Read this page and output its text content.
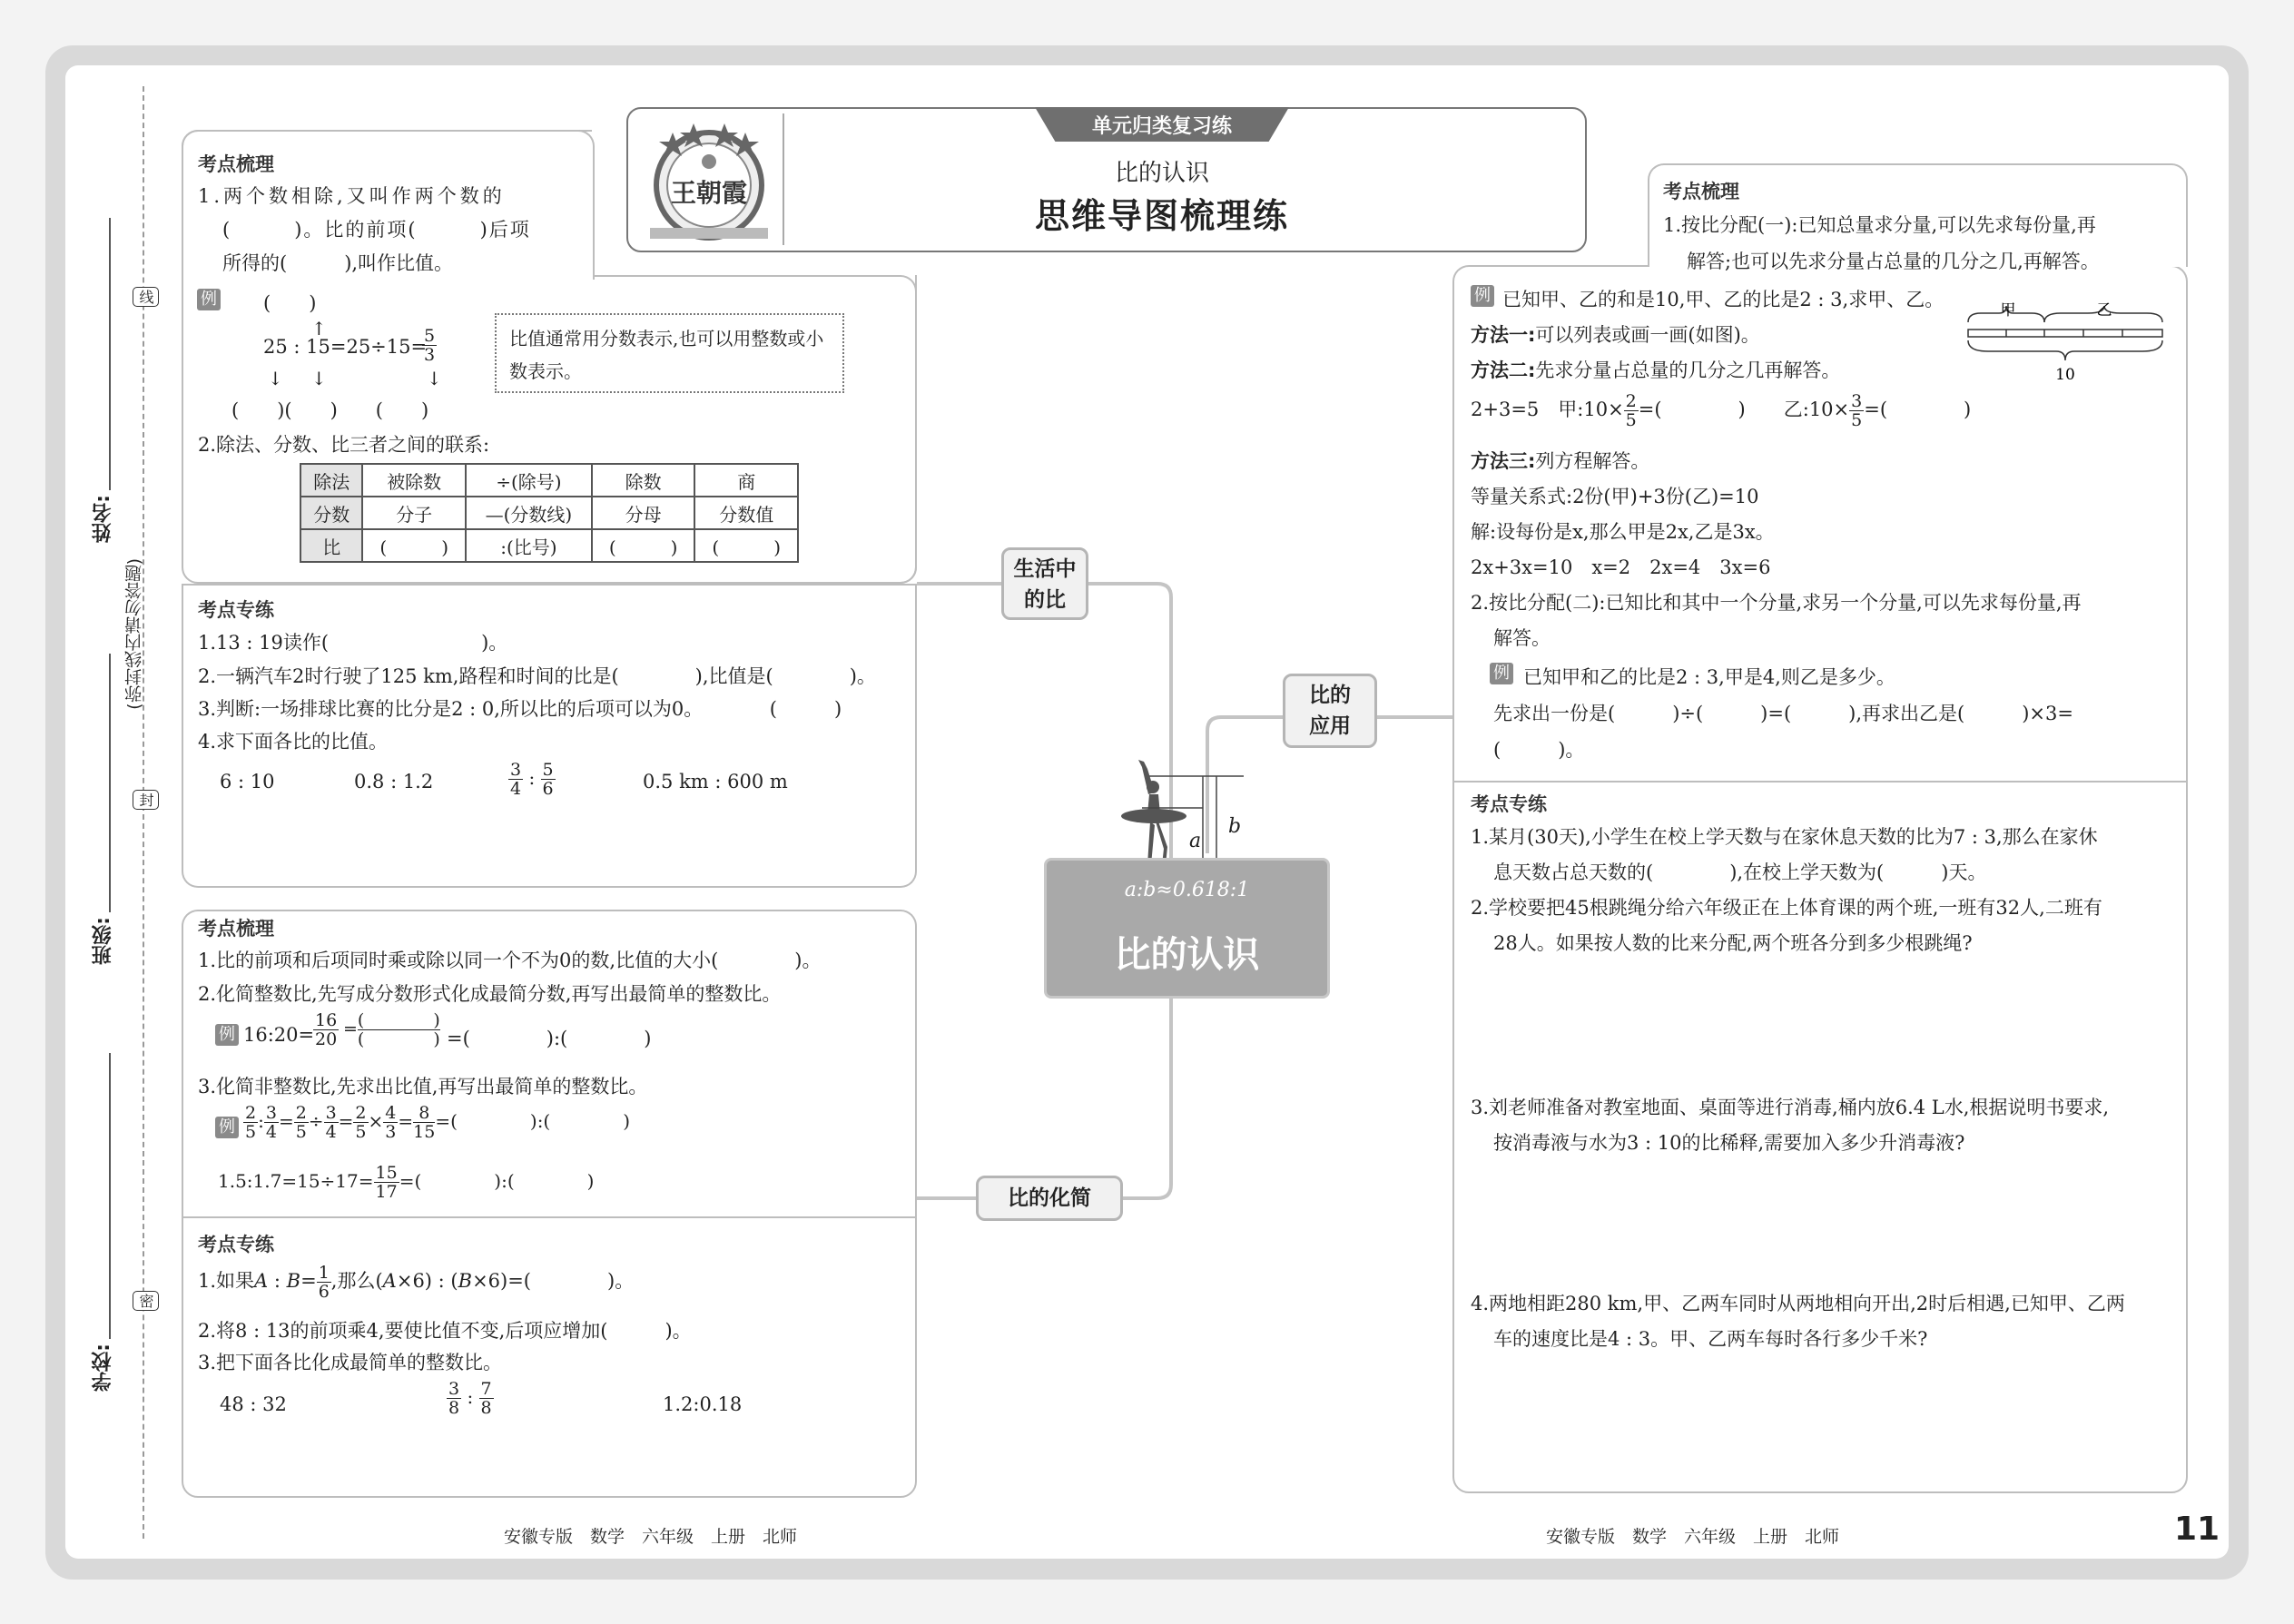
姓名:
班级:
学校:
(弥封线内请勿答题)
线
封
密
王朝霞
单元归类复习练
比的认识
思维导图梳理练
考点梳理
1.两个数相除,又叫作两个数的
(　　　)。比的前项(　　　)后项
所得的(　　　),叫作比值。
例 (　　)
↑
25 : 15=25÷15=
$\frac{5}{3}$
↓ ↓	↓
(　　)(　　)　　(　　)
比值通常用分数表示,也可以用整数或小数表示。
2.除法、分数、比三者之间的联系:
除法	被除数	÷(除号)	除数	商
分数	分子	—(分数线)	分母	分数值
比	(　　　)	:(比号)	(　　　)	(　　　)
考点专练
1.13 : 19读作(　　　　　　　　)。
2.一辆汽车2时行驶了125 km,路程和时间的比是(　　　　),比值是(　　　　)。
3.判断:一场排球比赛的比分是2 : 0,所以比的后项可以为0。　　　　(　　　)
4.求下面各比的比值。
6 : 10	0.8 : 1.2	$\frac{3}{4}$ : $\frac{5}{6}$	0.5 km : 600 m
考点梳理
1.比的前项和后项同时乘或除以同一个不为0的数,比值的大小(　　　　)。
2.化简整数比,先写成分数形式化成最简分数,再写出最简单的整数比。
例 16:20=
$\frac{16}{20}$ = (　　　　)
(　　　　) =(　　　　):(　　　　)
3.化简非整数比,先求出比值,再写出最简单的整数比。
例 $\frac{2}{5}$ : $\frac{3}{4} = \frac{2}{5} \div \frac{3}{4} = \frac{2}{5} \times \frac{4}{3} = \frac{8}{15}$ =(　　　　):(　　　　)
1.5:1.7=15÷17= $\frac{15}{17}$ =(　　　　):(　　　　)
考点专练
1.如果A : $B= \frac{1}{6}$ ,那么(A×6) : (B×6)=(　　　　)。
2.将8 : 13的前项乘4,要使比值不变,后项应增加(　　　)。
3.把下面各比化成最简单的整数比。
48 : 32	$\frac{3}{8}$ : $\frac{7}{8}$	1.2:0.18
生活中的比
比的应用
比的化简
a
b
a:b≈0.618:1
比的认识
考点梳理
1.按比分配(一):已知总量求分量,可以先求每份量,再
解答;也可以先求分量占总量的几分之几,再解答。
例 已知甲、乙的和是10,甲、乙的比是2 : 3,求甲、乙。
方法一:可以列表或画一画(如图)。
方法二:先求分量占总量的几分之几再解答。
甲	乙
10
2+3=5　甲:10× $\frac{2}{5}$ =(　　　　)　　乙:10× $\frac{3}{5}$ =(　　　　)
方法三:列方程解答。
等量关系式:2份(甲)+3份(乙)=10
解:设每份是x,那么甲是2x,乙是3x。
2x+3x=10　x=2　2x=4　3x=6
2.按比分配(二):已知比和其中一个分量,求另一个分量,可以先求每份量,再
解答。
例 已知甲和乙的比是2 : 3,甲是4,则乙是多少。
先求出一份是(　　　)÷(　　　)=(　　　),再求出乙是(　　　)×3=
(　　　)。
考点专练
1.某月(30天),小学生在校上学天数与在家休息天数的比为7 : 3,那么在家休
息天数占总天数的(　　　　),在校上学天数为(　　　)天。
2.学校要把45根跳绳分给六年级正在上体育课的两个班,一班有32人,二班有
28人。如果按人数的比来分配,两个班各分到多少根跳绳?
3.刘老师准备对教室地面、桌面等进行消毒,桶内放6.4 L水,根据说明书要求,
按消毒液与水为3 : 10的比稀释,需要加入多少升消毒液?
4.两地相距280 km,甲、乙两车同时从两地相向开出,2时后相遇,已知甲、乙两
车的速度比是4 : 3。甲、乙两车每时各行多少千米?
安徽专版　数学　六年级　上册　北师	安徽专版　数学　六年级　上册　北师	11
